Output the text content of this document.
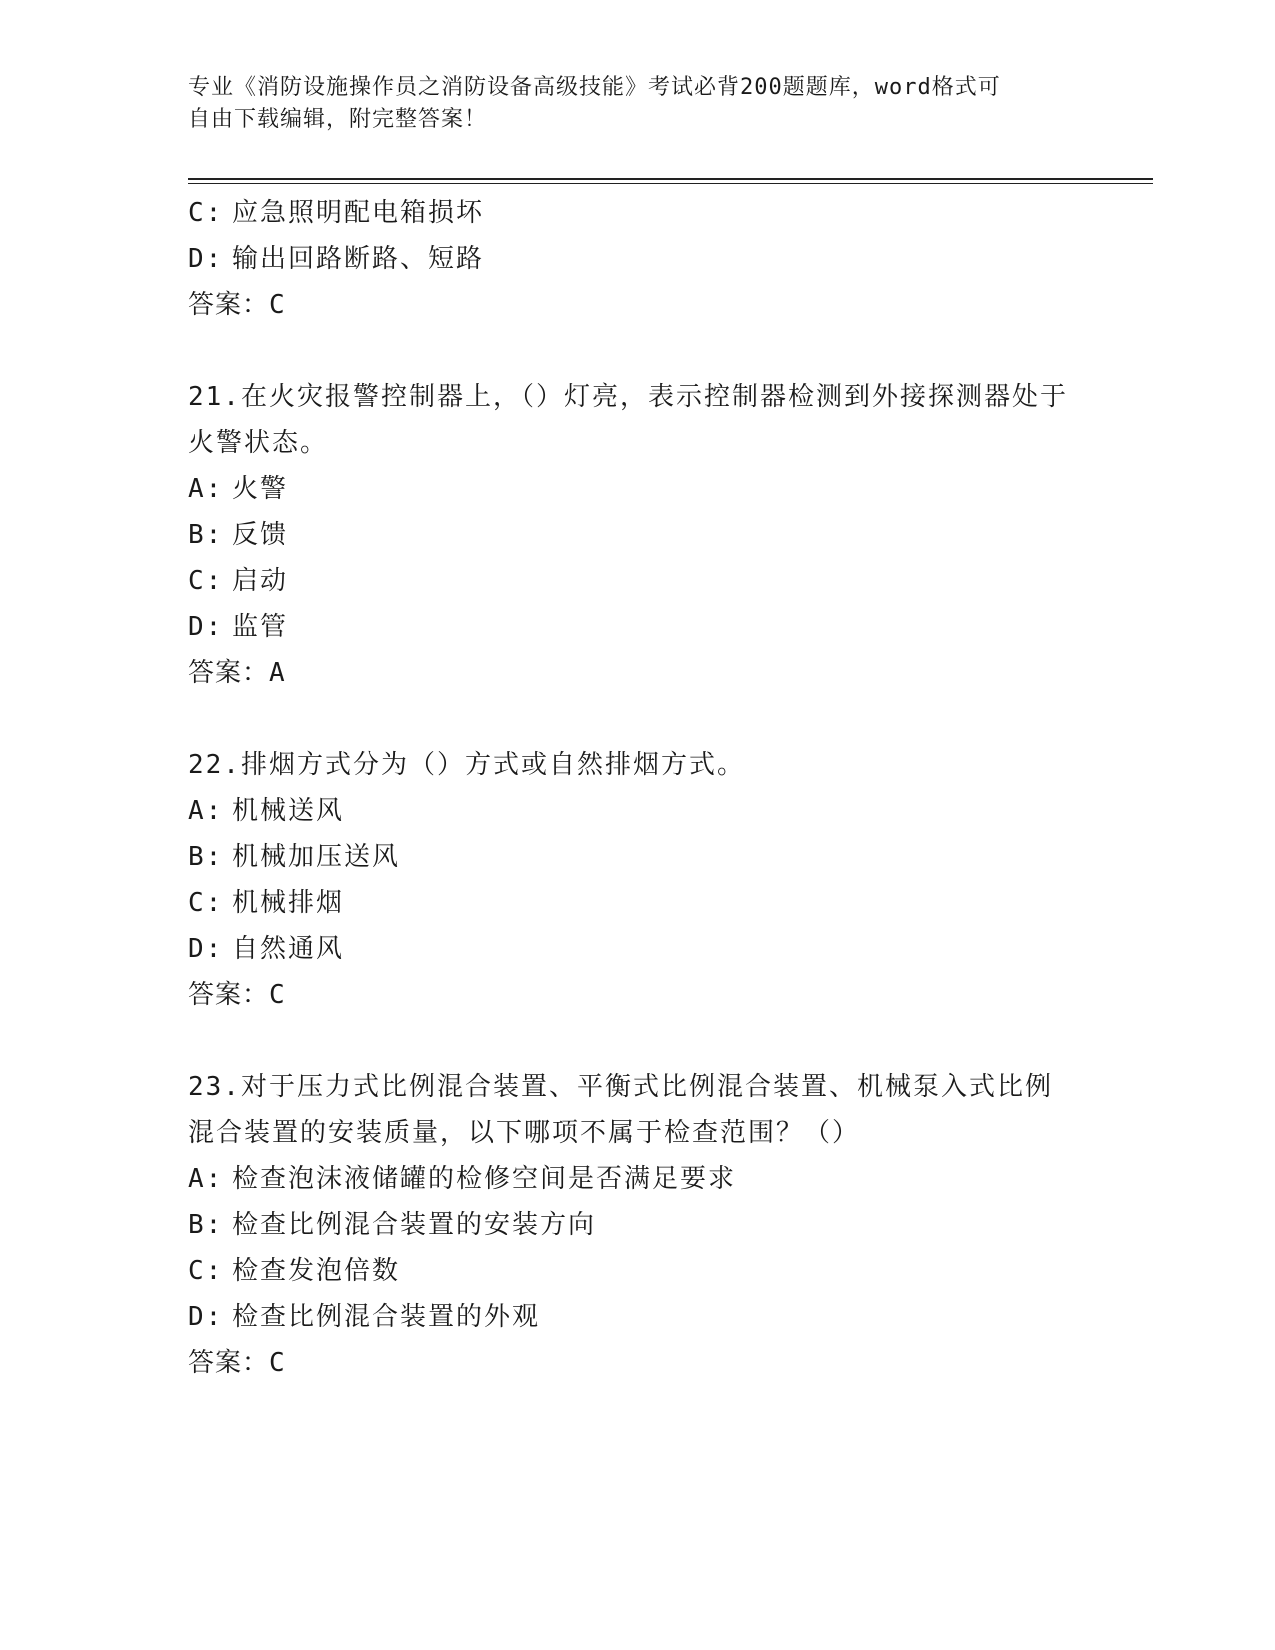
专业《消防设施操作员之消防设备高级技能》考试必背200题题库，word格式可
自由下载编辑，附完整答案！
C: 应急照明配电箱损坏
D: 输出回路断路、短路
答案：C
21.在火灾报警控制器上，（）灯亮，表示控制器检测到外接探测器处于火警状态。
A: 火警
B: 反馈
C: 启动
D: 监管
答案：A
22.排烟方式分为（）方式或自然排烟方式。
A: 机械送风
B: 机械加压送风
C: 机械排烟
D: 自然通风
答案：C
23.对于压力式比例混合装置、平衡式比例混合装置、机械泵入式比例混合装置的安装质量，以下哪项不属于检查范围？（）
A: 检查泡沫液储罐的检修空间是否满足要求
B: 检查比例混合装置的安装方向
C: 检查发泡倍数
D: 检查比例混合装置的外观
答案：C
